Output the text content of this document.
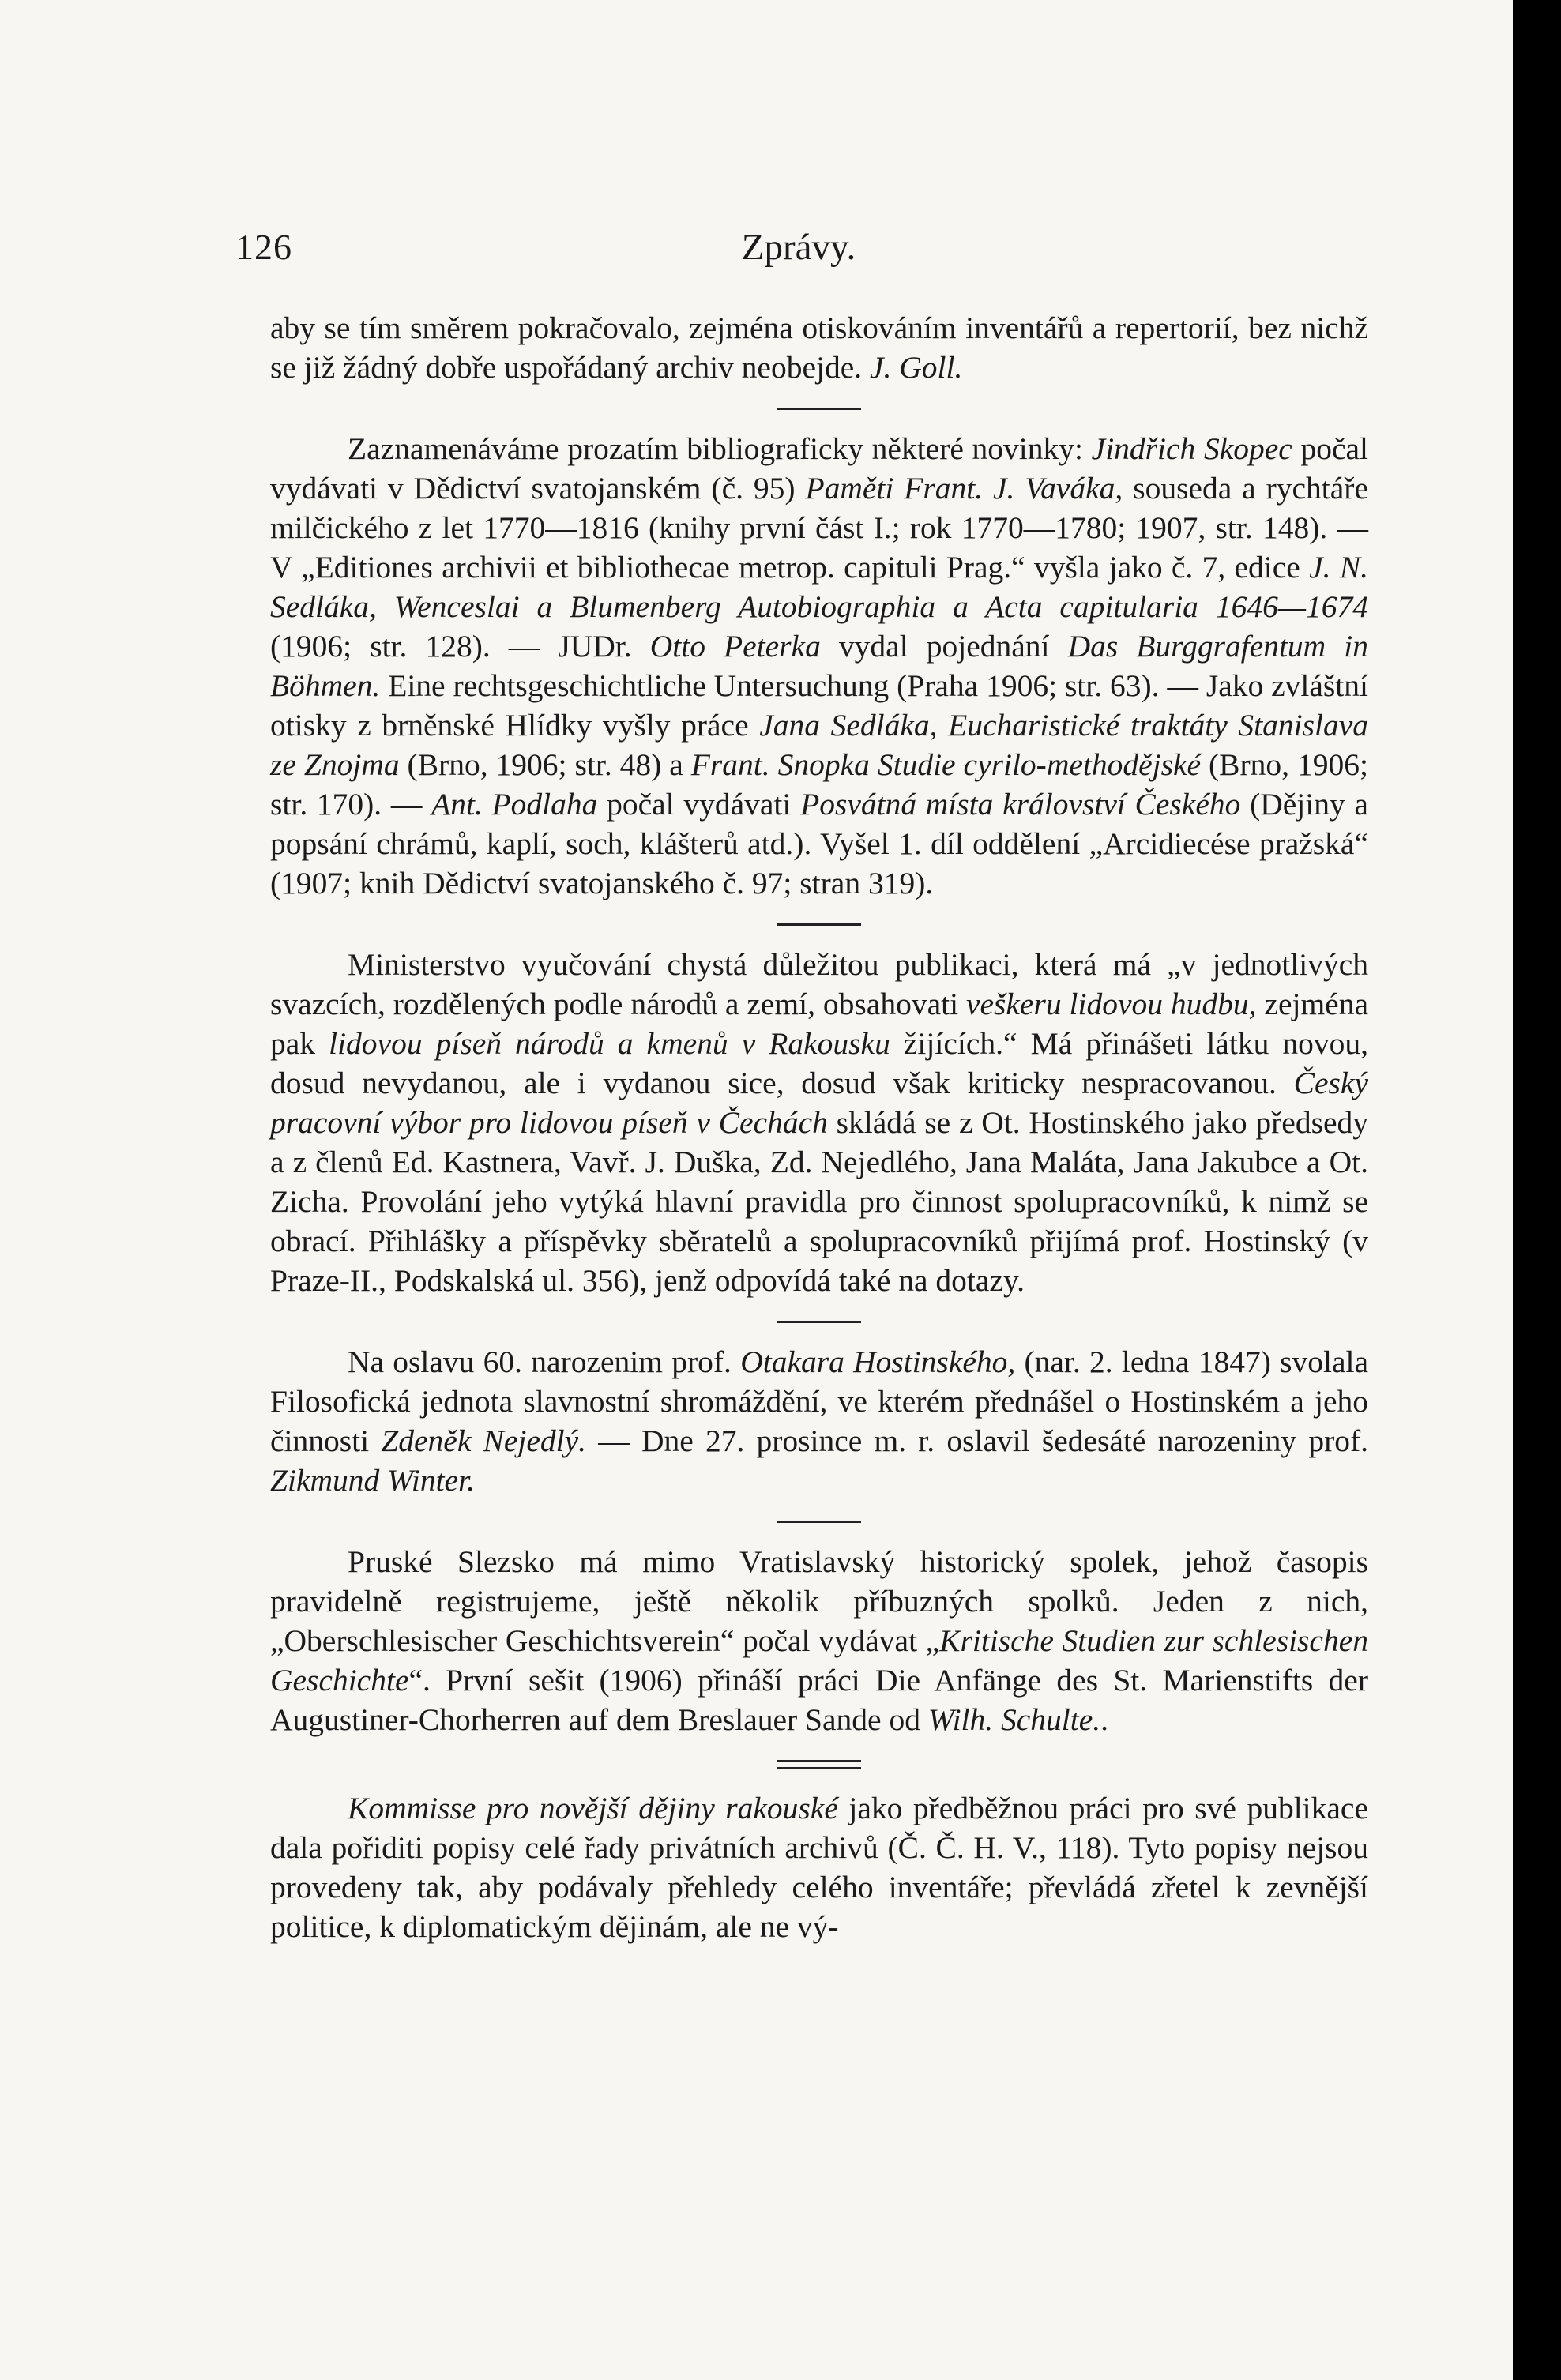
126	Zprávy.

aby se tím směrem pokračovalo, zejména otiskováním inventářů a repertorií, bez nichž se již žádný dobře uspořádaný archiv neobejde. J. Goll.

Zaznamenáváme prozatím bibliograficky některé novinky: Jindřich Skopec počal vydávati v Dědictví svatojanském (č. 95) Paměti Frant. J. Vaváka, souseda a rychtáře milčického z let 1770—1816 (knihy první část I.; rok 1770—1780; 1907, str. 148). — V „Editiones archivii et bibliothecae metrop. capituli Prag.“ vyšla jako č. 7, edice J. N. Sedláka, Wenceslai a Blumenberg Autobiographia a Acta capitularia 1646—1674 (1906; str. 128). — JUDr. Otto Peterka vydal pojednání Das Burggrafentum in Böhmen. Eine rechtsgeschichtliche Untersuchung (Praha 1906; str. 63). — Jako zvláštní otisky z brněnské Hlídky vyšly práce Jana Sedláka, Eucharistické traktáty Stanislava ze Znojma (Brno, 1906; str. 48) a Frant. Snopka Studie cyrilo-methodějské (Brno, 1906; str. 170). — Ant. Podlaha počal vydávati Posvátná místa království Českého (Dějiny a popsání chrámů, kaplí, soch, klášterů atd.). Vyšel 1. díl oddělení „Arcidiecése pražská“ (1907; knih Dědictví svatojanského č. 97; stran 319).

Ministerstvo vyučování chystá důležitou publikaci, která má „v jednotlivých svazcích, rozdělených podle národů a zemí, obsahovati veškeru lidovou hudbu, zejména pak lidovou píseň národů a kmenů v Rakousku žijících.“ Má přinášeti látku novou, dosud nevydanou, ale i vydanou sice, dosud však kriticky nespracovanou. Český pracovní výbor pro lidovou píseň v Čechách skládá se z Ot. Hostinského jako předsedy a z členů Ed. Kastnera, Vavř. J. Duška, Zd. Nejedlého, Jana Maláta, Jana Jakubce a Ot. Zicha. Provolání jeho vytýká hlavní pravidla pro činnost spolupracovníků, k nimž se obrací. Přihlášky a příspěvky sběratelů a spolupracovníků přijímá prof. Hostinský (v Praze-II., Podskalská ul. 356), jenž odpovídá také na dotazy.

Na oslavu 60. narozenim prof. Otakara Hostinského, (nar. 2. ledna 1847) svolala Filosofická jednota slavnostní shromáždění, ve kterém přednášel o Hostinském a jeho činnosti Zdeněk Nejedlý. — Dne 27. prosince m. r. oslavil šedesáté narozeniny prof. Zikmund Winter.

Pruské Slezsko má mimo Vratislavský historický spolek, jehož časopis pravidelně registrujeme, ještě několik příbuzných spolků. Jeden z nich, „Oberschlesischer Geschichtsverein“ počal vydávat „Kritische Studien zur schlesischen Geschichte“. První sešit (1906) přináší práci Die Anfänge des St. Marienstifts der Augustiner-Chorherren auf dem Breslauer Sande od Wilh. Schulte..

Kommisse pro novější dějiny rakouské jako předběžnou práci pro své publikace dala pořiditi popisy celé řady privátních archivů (Č. Č. H. V., 118). Tyto popisy nejsou provedeny tak, aby podávaly přehledy celého inventáře; převládá zřetel k zevnější politice, k diplomatickým dějinám, ale ne vý-
